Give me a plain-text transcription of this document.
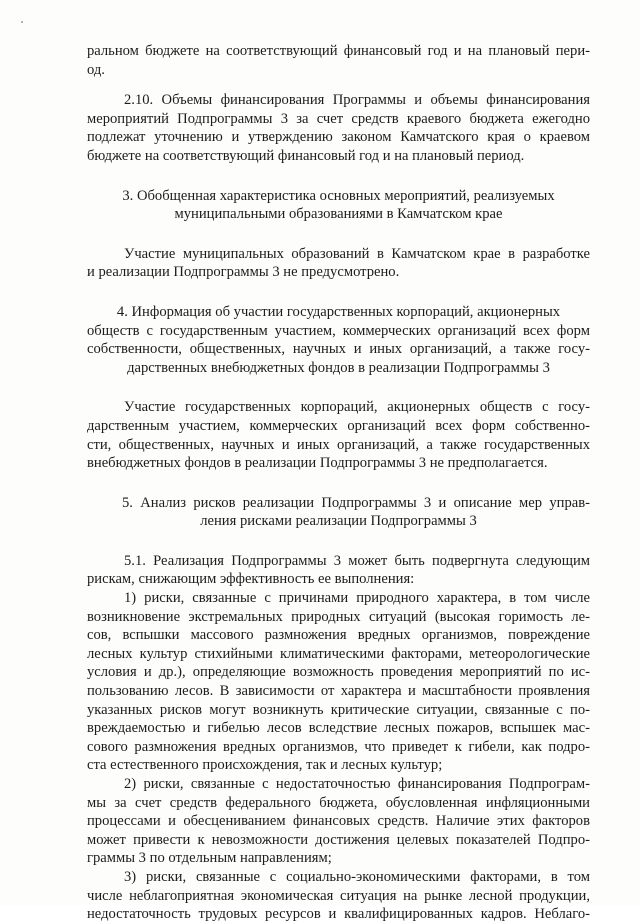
ральном бюджете на соответствующий финансовый год и на плановый пери-
од.
2.10. Объемы финансирования Программы и объемы финансирования
мероприятий Подпрограммы 3 за счет средств краевого бюджета ежегодно
подлежат уточнению и утверждению законом Камчатского края о краевом
бюджете на соответствующий финансовый год и на плановый период.
3. Обобщенная характеристика основных мероприятий, реализуемых
муниципальными образованиями в Камчатском крае
Участие муниципальных образований в Камчатском крае в разработке
и реализации Подпрограммы 3 не предусмотрено.
4. Информация об участии государственных корпораций, акционерных
обществ с государственным участием, коммерческих организаций всех форм
собственности, общественных, научных и иных организаций, а также госу-
дарственных внебюджетных фондов в реализации Подпрограммы 3
Участие государственных корпораций, акционерных обществ с госу-
дарственным участием, коммерческих организаций всех форм собственно-
сти, общественных, научных и иных организаций, а также государственных
внебюджетных фондов в реализации Подпрограммы 3 не предполагается.
5. Анализ рисков реализации Подпрограммы 3 и описание мер управ-
ления рисками реализации Подпрограммы 3
5.1. Реализация Подпрограммы 3 может быть подвергнута следующим
рискам, снижающим эффективность ее выполнения:
1) риски, связанные с причинами природного характера, в том числе
возникновение экстремальных природных ситуаций (высокая горимость ле-
сов, вспышки массового размножения вредных организмов, повреждение
лесных культур стихийными климатическими факторами, метеорологические
условия и др.), определяющие возможность проведения мероприятий по ис-
пользованию лесов. В зависимости от характера и масштабности проявления
указанных рисков могут возникнуть критические ситуации, связанные с по-
вреждаемостью и гибелью лесов вследствие лесных пожаров, вспышек мас-
сового размножения вредных организмов, что приведет к гибели, как подро-
ста естественного происхождения, так и лесных культур;
2) риски, связанные с недостаточностью финансирования Подпрограм-
мы за счет средств федерального бюджета, обусловленная инфляционными
процессами и обесцениванием финансовых средств. Наличие этих факторов
может привести к невозможности достижения целевых показателей Подпро-
граммы 3 по отдельным направлениям;
3) риски, связанные с социально-экономическими факторами, в том
числе неблагоприятная экономическая ситуация на рынке лесной продукции,
недостаточность трудовых ресурсов и квалифицированных кадров. Неблаго-
